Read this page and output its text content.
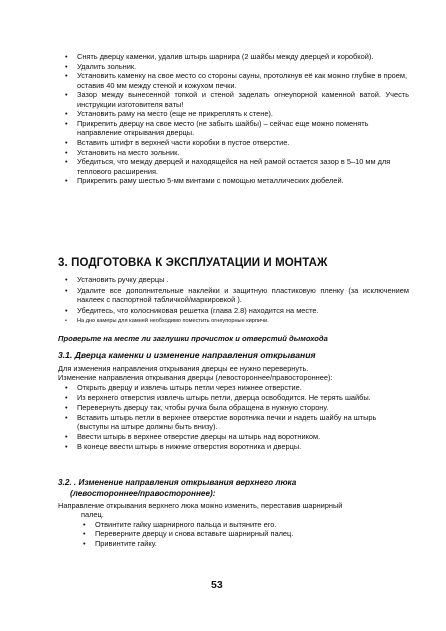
• Снять дверцу каменки, удалив штырь шарнира (2 шайбы между дверцей и коробкой).
• Удалить зольник.
• Установить каменку на свое место со стороны сауны, протолкнув её как можно глубже в проем, оставив 40 мм между стеной и кожухом печки.
• Зазор между вынесенной топкой и стеной заделать огнеупорной каменной ватой. Учесть инструкции изготовителя ваты!
• Установить раму на место (еще не прикреплять к стене).
• Прикрепить дверцу на свое место (не забыть шайбы) – сейчас еще можно поменять направление открывания дверцы.
• Вставить штифт в верхней части коробки в пустое отверстие.
• Установить на место зольник.
• Убедиться, что между дверцей и находящейся на ней рамой остается зазор в 5–10 мм для теплового расширения.
• Прикрепить раму шестью 5-мм винтами с помощью металлических дюбелей.
3. ПОДГОТОВКА К ЭКСПЛУАТАЦИИ И МОНТАЖ
• Установить ручку дверцы .
• Удалите все дополнительные наклейки и защитную пластиковую пленку (за исключением наклеек с паспортной табличкой/маркировкой ).
• Убедитесь, что колосниковая решетка (глава 2.8) находится на месте.
• На дно камеры для камней необходимо поместить огнеупорные кирпичи.
Проверьте на месте ли заглушки прочисток и отверстий дымохода
3.1. Дверца каменки и изменение направления открывания
Для изменения направления открывания дверцы ее нужно перевернуть.
Изменение направления открывания дверцы (левостороннее/правостороннее):
• Открыть дверцу и извлечь штырь петли через нижнее отверстие.
• Из верхнего отверстия извлечь штырь петли, дверца освободится. Не терять шайбы.
• Перевернуть дверцу так, чтобы ручка была обращена в нужную сторону.
• Вставить штырь петли в верхнее отверстие воротника печки и надеть шайбу на штырь (выступы на штыре должны быть внизу).
• Ввести штырь в верхнее отверстие дверцы на штырь над воротником.
• В конеце ввести штырь в нижние отверстия воротника и дверцы.
3.2. . Изменение направления открывания верхнего люка
(левостороннее/правостороннее):
Направление открывания верхнего люка можно изменить, переставив шарнирный
палец.
• Отвинтите гайку шарнирного пальца и вытяните его.
• Переверните дверцу и снова вставьте шарнирный палец.
• Привинтите гайку.
53
